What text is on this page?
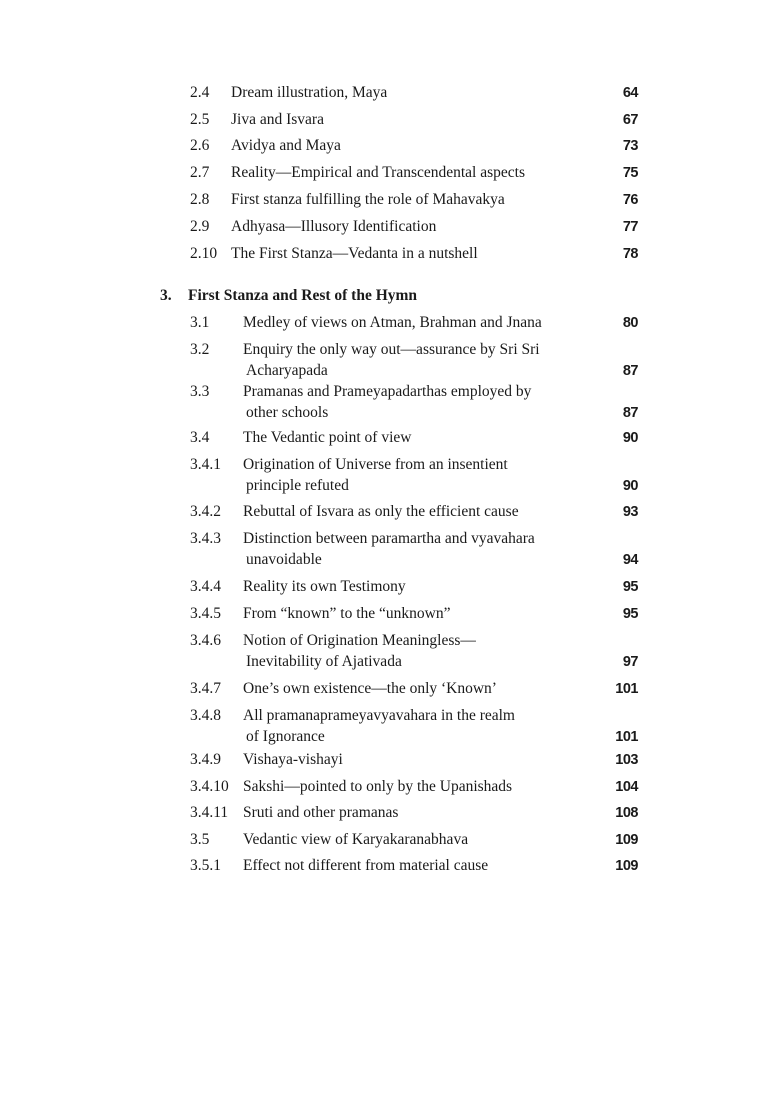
3. First Stanza and Rest of the Hymn
2.4 Dream illustration, Maya	64
2.5 Jiva and Isvara	67
2.6 Avidya and Maya	73
2.7 Reality—Empirical and Transcendental aspects	75
2.8 First stanza fulfilling the role of Mahavakya	76
2.9 Adhyasa—Illusory Identification	77
2.10 The First Stanza—Vedanta in a nutshell	78
3.1 Medley of views on Atman, Brahman and Jnana	80
3.2 Enquiry the only way out—assurance by Sri Sri
Acharyapada	87
3.3 Pramanas and Prameyapadarthas employed by
other schools	87
3.4 The Vedantic point of view	90
3.4.1 Origination of Universe from an insentient
principle refuted	90
3.4.2 Rebuttal of Isvara as only the efficient cause	93
3.4.3 Distinction between paramartha and vyavahara
unavoidable	94
3.4.4 Reality its own Testimony	95
3.4.5 From “known” to the “unknown”	95
3.4.6 Notion of Origination Meaningless—
Inevitability of Ajativada	97
3.4.7 One’s own existence—the only ‘Known’	101
3.4.8 All pramanaprameyavyavahara in the realm
of Ignorance	101
3.4.9 Vishaya-vishayi	103
3.4.10 Sakshi—pointed to only by the Upanishads	104
3.4.11 Sruti and other pramanas	108
3.5 Vedantic view of Karyakaranabhava	109
3.5.1 Effect not different from material cause	109
